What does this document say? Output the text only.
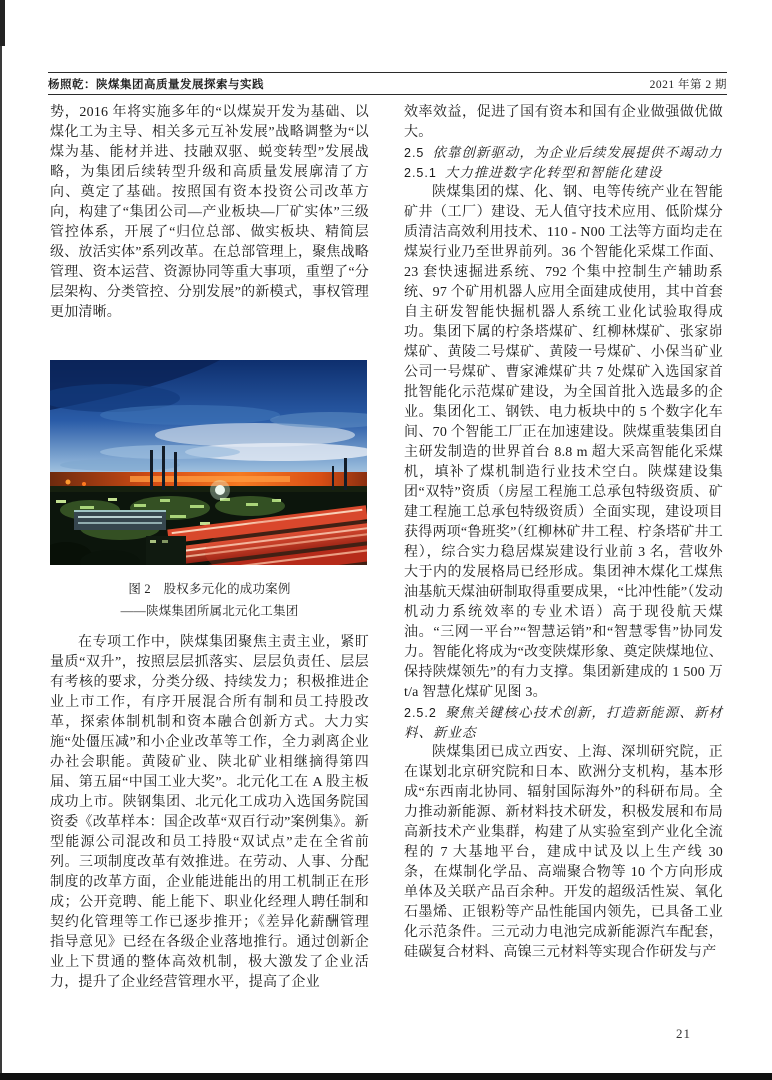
杨照乾：陕煤集团高质量发展探索与实践	2021 年第 2 期

势，2016 年将实施多年的“以煤炭开发为基础、以煤化工为主导、相关多元互补发展”战略调整为“以煤为基、能材并进、技融双驱、蜕变转型”发展战略，为集团后续转型升级和高质量发展廓清了方向、奠定了基础。按照国有资本投资公司改革方向，构建了“集团公司—产业板块—厂矿实体”三级管控体系，开展了“归位总部、做实板块、精简层级、放活实体”系列改革。在总部管理上，聚焦战略管理、资本运营、资源协同等重大事项，重塑了“分层架构、分类管控、分别发展”的新模式，事权管理更加清晰。

图 2　股权多元化的成功案例
——陕煤集团所属北元化工集团

在专项工作中，陕煤集团聚焦主责主业，紧盯量质“双升”，按照层层抓落实、层层负责任、层层有考核的要求，分类分级、持续发力；积极推进企业上市工作，有序开展混合所有制和员工持股改革，探索体制机制和资本融合创新方式。大力实施“处僵压减”和小企业改革等工作，全力剥离企业办社会职能。黄陵矿业、陕北矿业相继摘得第四届、第五届“中国工业大奖”。北元化工在 A 股主板成功上市。陕钢集团、北元化工成功入选国务院国资委《改革样本：国企改革“双百行动”案例集》。新型能源公司混改和员工持股“双试点”走在全省前列。三项制度改革有效推进。在劳动、人事、分配制度的改革方面，企业能进能出的用工机制正在形成；公开竞聘、能上能下、职业化经理人聘任制和契约化管理等工作已逐步推开；《差异化薪酬管理指导意见》已经在各级企业落地推行。通过创新企业上下贯通的整体高效机制，极大激发了企业活力，提升了企业经营管理水平，提高了企业

效率效益，促进了国有资本和国有企业做强做优做大。

2.5 依靠创新驱动，为企业后续发展提供不竭动力

2.5.1 大力推进数字化转型和智能化建设

陕煤集团的煤、化、钢、电等传统产业在智能矿井（工厂）建设、无人值守技术应用、低阶煤分质清洁高效利用技术、110 - N00 工法等方面均走在煤炭行业乃至世界前列。36 个智能化采煤工作面、23 套快速掘进系统、792 个集中控制生产辅助系统、97 个矿用机器人应用全面建成使用，其中首套自主研发智能快掘机器人系统工业化试验取得成功。集团下属的柠条塔煤矿、红柳林煤矿、张家峁煤矿、黄陵二号煤矿、黄陵一号煤矿、小保当矿业公司一号煤矿、曹家滩煤矿共 7 处煤矿入选国家首批智能化示范煤矿建设，为全国首批入选最多的企业。集团化工、钢铁、电力板块中的 5 个数字化车间、70 个智能工厂正在加速建设。陕煤重装集团自主研发制造的世界首台 8.8 m 超大采高智能化采煤机，填补了煤机制造行业技术空白。陕煤建设集团“双特”资质（房屋工程施工总承包特级资质、矿建工程施工总承包特级资质）全面实现，建设项目获得两项“鲁班奖”（红柳林矿井工程、柠条塔矿井工程），综合实力稳居煤炭建设行业前 3 名，营收外大于内的发展格局已经形成。集团神木煤化工煤焦油基航天煤油研制取得重要成果，“比冲性能”（发动机动力系统效率的专业术语）高于现役航天煤油。“三网一平台”“智慧运销”和“智慧零售”协同发力。智能化将成为“改变陕煤形象、奠定陕煤地位、保持陕煤领先”的有力支撑。集团新建成的 1 500 万 t/a 智慧化煤矿见图 3。

2.5.2 聚焦关键核心技术创新，打造新能源、新材料、新业态

陕煤集团已成立西安、上海、深圳研究院，正在谋划北京研究院和日本、欧洲分支机构，基本形成“东西南北协同、辐射国际海外”的科研布局。全力推动新能源、新材料技术研发，积极发展和布局高新技术产业集群，构建了从实验室到产业化全流程的 7 大基地平台，建成中试及以上生产线 30 条，在煤制化学品、高端聚合物等 10 个方向形成单体及关联产品百余种。开发的超级活性炭、氧化石墨烯、正银粉等产品性能国内领先，已具备工业化示范条件。三元动力电池完成新能源汽车配套，硅碳复合材料、高镍三元材料等实现合作研发与产

21
